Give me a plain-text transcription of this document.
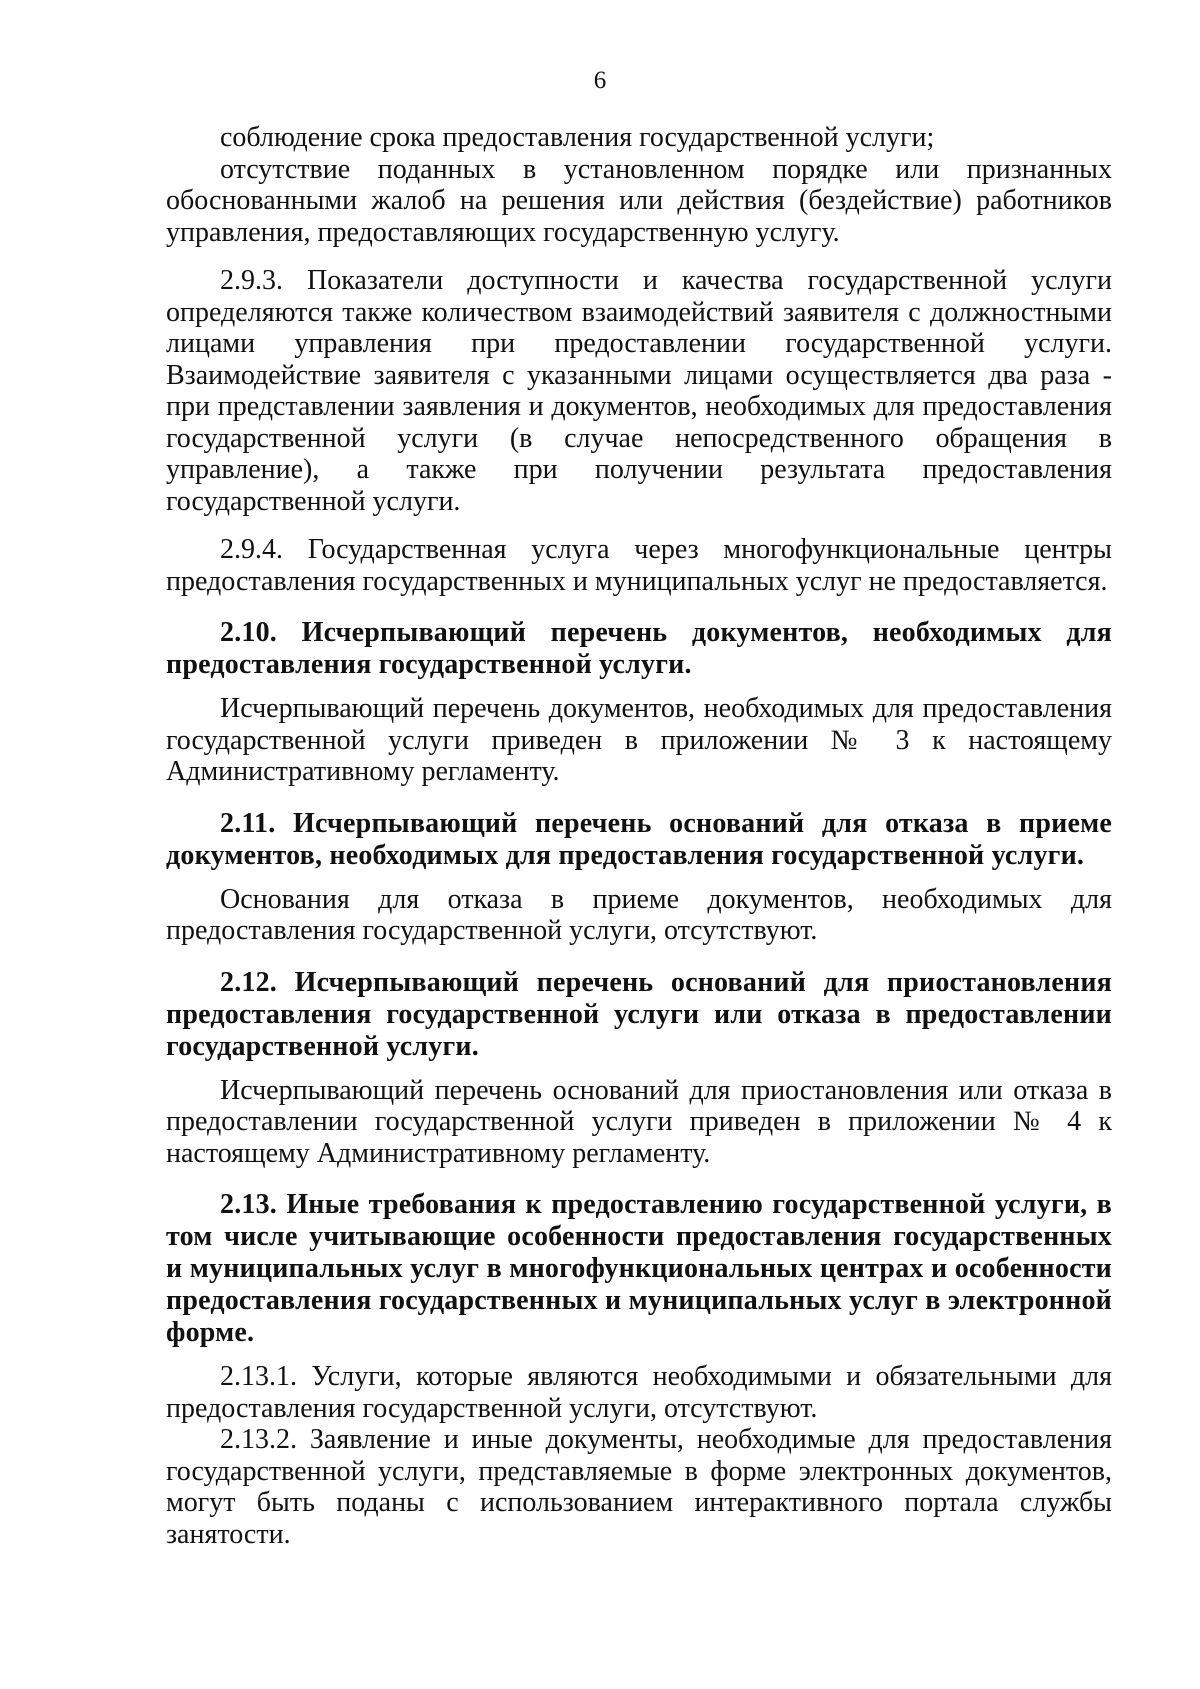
6

соблюдение срока предоставления государственной услуги;

отсутствие поданных в установленном порядке или признанных обоснованными жалоб на решения или действия (бездействие) работников управления, предоставляющих государственную услугу.

2.9.3. Показатели доступности и качества государственной услуги определяются также количеством взаимодействий заявителя с должностными лицами управления при предоставлении государственной услуги. Взаимодействие заявителя с указанными лицами осуществляется два раза - при представлении заявления и документов, необходимых для предоставления государственной услуги (в случае непосредственного обращения в управление), а также при получении результата предоставления государственной услуги.

2.9.4. Государственная услуга через многофункциональные центры предоставления государственных и муниципальных услуг не предоставляется.

2.10. Исчерпывающий перечень документов, необходимых для предоставления государственной услуги.

Исчерпывающий перечень документов, необходимых для предоставления государственной услуги приведен в приложении № 3 к настоящему Административному регламенту.

2.11. Исчерпывающий перечень оснований для отказа в приеме документов, необходимых для предоставления государственной услуги.

Основания для отказа в приеме документов, необходимых для предоставления государственной услуги, отсутствуют.

2.12. Исчерпывающий перечень оснований для приостановления предоставления государственной услуги или отказа в предоставлении государственной услуги.

Исчерпывающий перечень оснований для приостановления или отказа в предоставлении государственной услуги приведен в приложении № 4 к настоящему Административному регламенту.

2.13. Иные требования к предоставлению государственной услуги, в том числе учитывающие особенности предоставления государственных и муниципальных услуг в многофункциональных центрах и особенности предоставления государственных и муниципальных услуг в электронной форме.

2.13.1. Услуги, которые являются необходимыми и обязательными для предоставления государственной услуги, отсутствуют.

2.13.2. Заявление и иные документы, необходимые для предоставления государственной услуги, представляемые в форме электронных документов, могут быть поданы с использованием интерактивного портала службы занятости.
